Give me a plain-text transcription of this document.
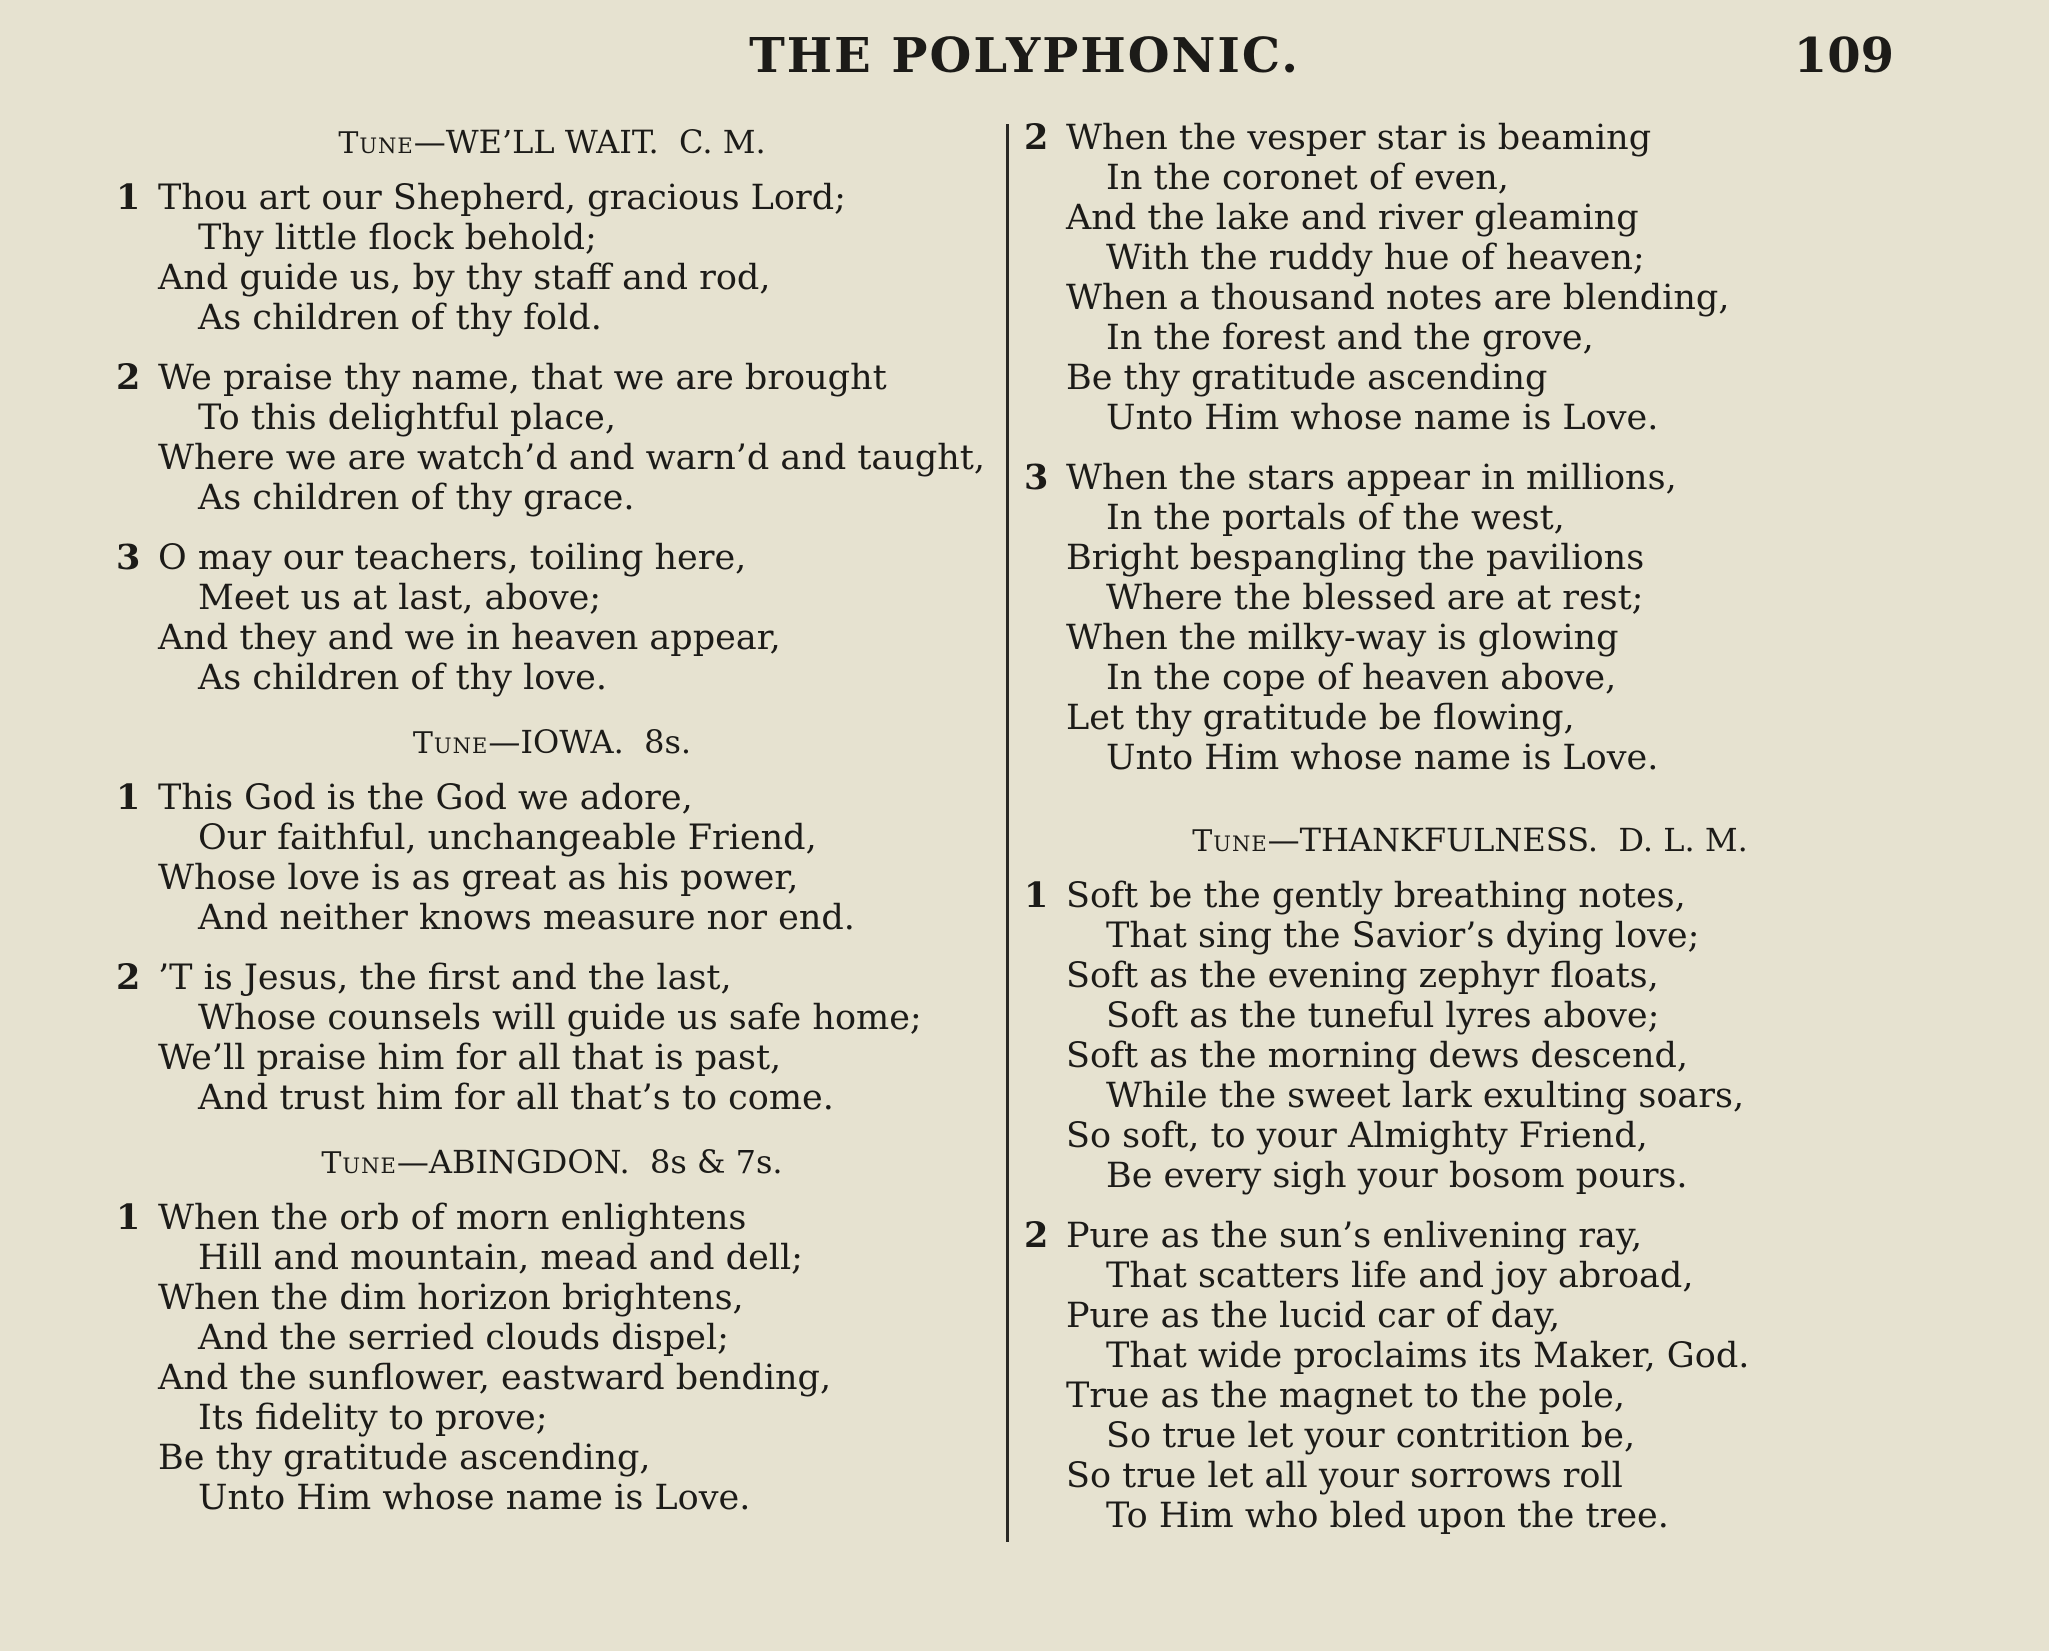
THE POLYPHONIC.	109
Tune—WE’LL WAIT.  C. M.
1 Thou art our Shepherd, gracious Lord;
Thy little flock behold;
And guide us, by thy staff and rod,
As children of thy fold.
2 We praise thy name, that we are brought
To this delightful place,
Where we are watch’d and warn’d and taught,
As children of thy grace.
3 O may our teachers, toiling here,
Meet us at last, above;
And they and we in heaven appear,
As children of thy love.
Tune—IOWA.  8s.
1 This God is the God we adore,
Our faithful, unchangeable Friend,
Whose love is as great as his power,
And neither knows measure nor end.
2 ’T is Jesus, the first and the last,
Whose counsels will guide us safe home;
We’ll praise him for all that is past,
And trust him for all that’s to come.
Tune—ABINGDON.  8s & 7s.
1 When the orb of morn enlightens
Hill and mountain, mead and dell;
When the dim horizon brightens,
And the serried clouds dispel;
And the sunflower, eastward bending,
Its fidelity to prove;
Be thy gratitude ascending,
Unto Him whose name is Love.
2 When the vesper star is beaming
In the coronet of even,
And the lake and river gleaming
With the ruddy hue of heaven;
When a thousand notes are blending,
In the forest and the grove,
Be thy gratitude ascending
Unto Him whose name is Love.
3 When the stars appear in millions,
In the portals of the west,
Bright bespangling the pavilions
Where the blessed are at rest;
When the milky-way is glowing
In the cope of heaven above,
Let thy gratitude be flowing,
Unto Him whose name is Love.
Tune—THANKFULNESS.  D. L. M.
1 Soft be the gently breathing notes,
That sing the Savior’s dying love;
Soft as the evening zephyr floats,
Soft as the tuneful lyres above;
Soft as the morning dews descend,
While the sweet lark exulting soars,
So soft, to your Almighty Friend,
Be every sigh your bosom pours.
2 Pure as the sun’s enlivening ray,
That scatters life and joy abroad,
Pure as the lucid car of day,
That wide proclaims its Maker, God.
True as the magnet to the pole,
So true let your contrition be,
So true let all your sorrows roll
To Him who bled upon the tree.
